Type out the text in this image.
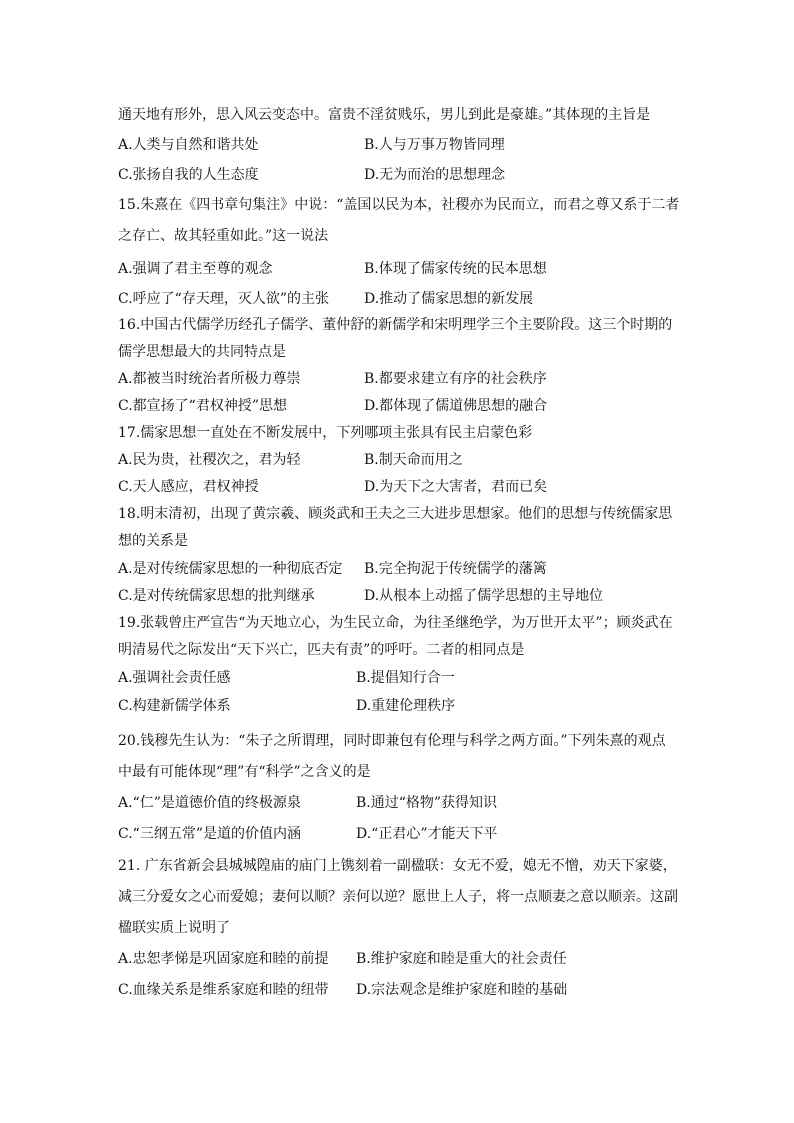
通天地有形外，思入风云变态中。富贵不淫贫贱乐，男儿到此是豪雄。”其体现的主旨是
A.人类与自然和谐共处	B.人与万事万物皆同理
C.张扬自我的人生态度	D.无为而治的思想理念
15.朱熹在《四书章句集注》中说：“盖国以民为本，社稷亦为民而立，而君之尊又系于二者
之存亡、故其轻重如此。”这一说法
A.强调了君主至尊的观念	B.体现了儒家传统的民本思想
C.呼应了“存天理，灭人欲”的主张	D.推动了儒家思想的新发展
16.中国古代儒学历经孔子儒学、董仲舒的新儒学和宋明理学三个主要阶段。这三个时期的
儒学思想最大的共同特点是
A.都被当时统治者所极力尊崇	B.都要求建立有序的社会秩序
C.都宣扬了“君权神授”思想	D.都体现了儒道佛思想的融合
17.儒家思想一直处在不断发展中，下列哪项主张具有民主启蒙色彩
A.民为贵，社稷次之，君为轻	B.制天命而用之
C.天人感应，君权神授	D.为天下之大害者，君而已矣
18.明末清初，出现了黄宗羲、顾炎武和王夫之三大进步思想家。他们的思想与传统儒家思
想的关系是
A.是对传统儒家思想的一种彻底否定 B.完全拘泥于传统儒学的藩篱
C.是对传统儒家思想的批判继承	D.从根本上动摇了儒学思想的主导地位
19.张载曾庄严宣告“为天地立心，为生民立命，为往圣继绝学，为万世开太平”；顾炎武在
明清易代之际发出“天下兴亡，匹夫有责”的呼吁。二者的相同点是
A.强调社会责任感	B.提倡知行合一
C.构建新儒学体系	D.重建伦理秩序
20.钱穆先生认为：“朱子之所谓理，同时即兼包有伦理与科学之两方面。”下列朱熹的观点
中最有可能体现“理”有“科学”之含义的是
A.“仁”是道德价值的终极源泉	B.通过“格物”获得知识
C.“三纲五常”是道的价值内涵	D.“正君心”才能天下平
21. 广东省新会县城城隍庙的庙门上镌刻着一副楹联：女无不爱，媳无不憎，劝天下家婆，
减三分爱女之心而爱媳；妻何以顺？亲何以逆？愿世上人子，将一点顺妻之意以顺亲。这副
楹联实质上说明了
A.忠恕孝悌是巩固家庭和睦的前提 B.维护家庭和睦是重大的社会责任
C.血缘关系是维系家庭和睦的纽带 D.宗法观念是维护家庭和睦的基础
